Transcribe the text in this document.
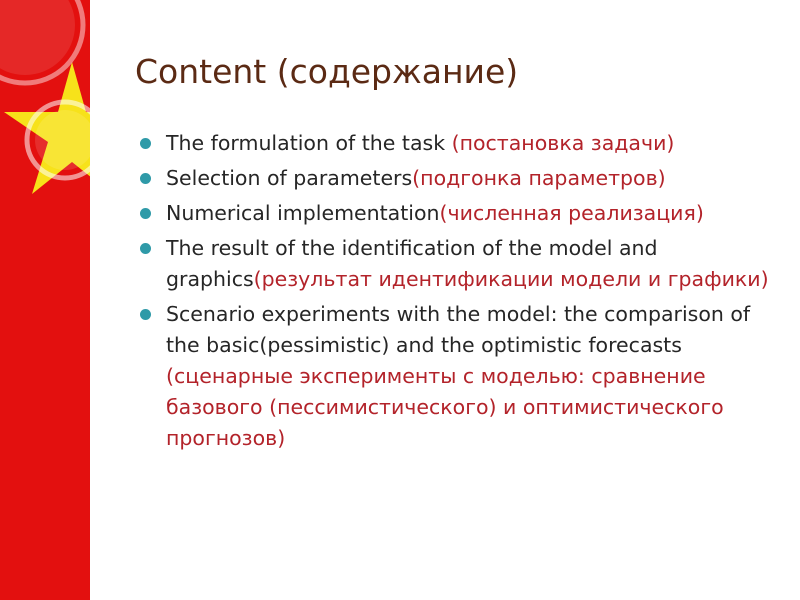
Content (содержание)
The formulation of the task (постановка задачи)
Selection of parameters(подгонка параметров)
Numerical implementation(численная реализация)
The result of the identification of the model and graphics(результат идентификации модели и графики)
Scenario experiments with the model: the comparison of the basic(pessimistic) and the optimistic forecasts (сценарные эксперименты с моделью: сравнение базового (пессимистического) и оптимистического прогнозов)
